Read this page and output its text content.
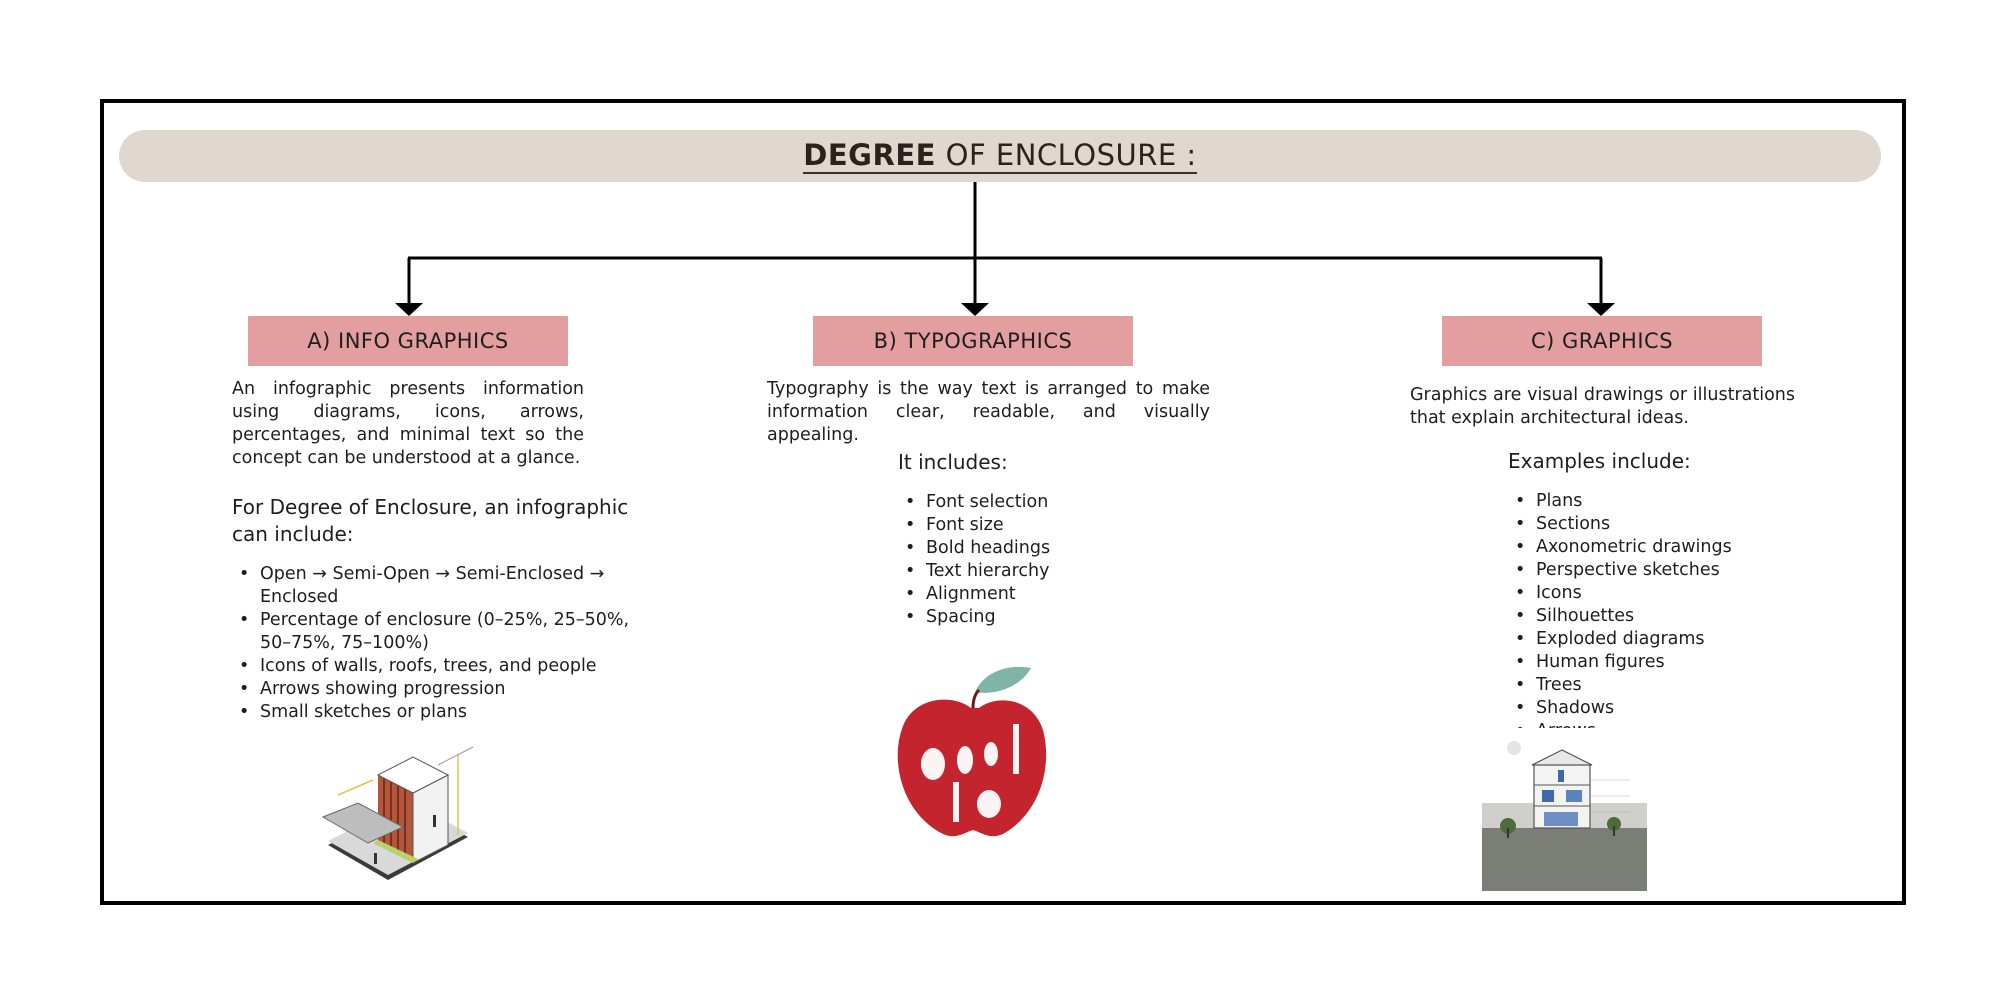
DEGREE OF ENCLOSURE :
A) INFO GRAPHICS
An infographic presents information using diagrams, icons, arrows, percentages, and minimal text so the concept can be understood at a glance.
For Degree of Enclosure, an infographic can include:
• Open → Semi-Open → Semi-Enclosed → Enclosed
• Percentage of enclosure (0–25%, 25–50%, 50–75%, 75–100%)
• Icons of walls, roofs, trees, and people
• Arrows showing progression
• Small sketches or plans
B) TYPOGRAPHICS
Typography is the way text is arranged to make information clear, readable, and visually appealing.
It includes:
• Font selection
• Font size
• Bold headings
• Text hierarchy
• Alignment
• Spacing
C) GRAPHICS
Graphics are visual drawings or illustrations that explain architectural ideas.
Examples include:
• Plans
• Sections
• Axonometric drawings
• Perspective sketches
• Icons
• Silhouettes
• Exploded diagrams
• Human figures
• Trees
• Shadows
•
